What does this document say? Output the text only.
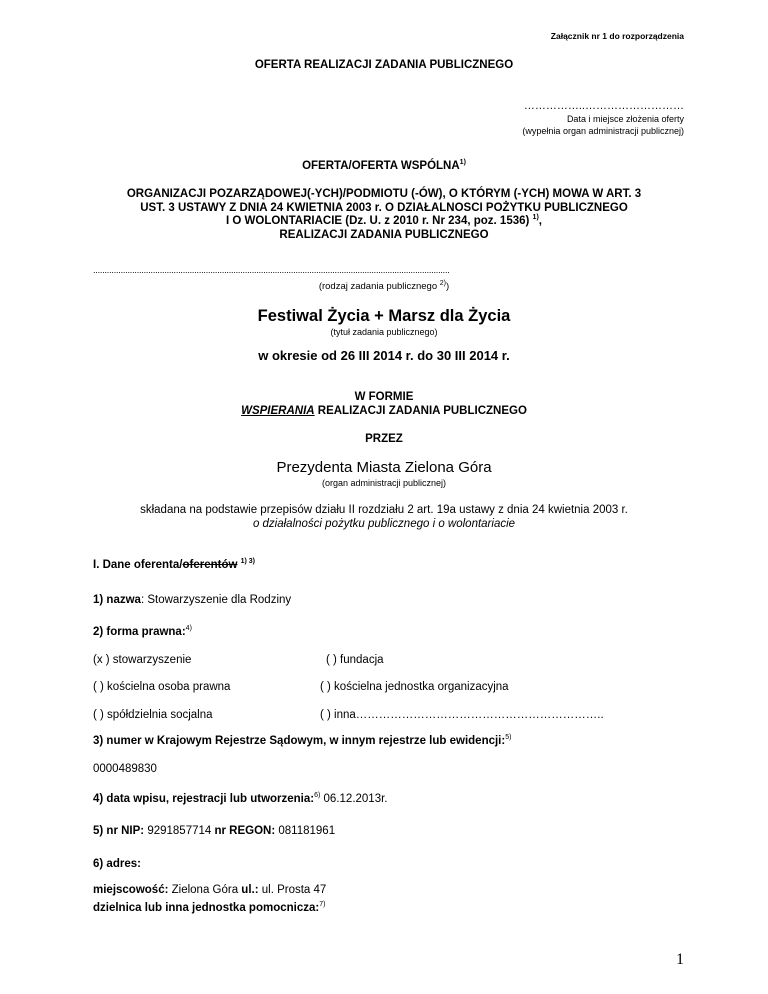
Załącznik nr 1 do rozporządzenia
OFERTA REALIZACJI ZADANIA PUBLICZNEGO
……………..………………………
Data i miejsce złożenia oferty
(wypełnia organ administracji publicznej)
OFERTA/OFERTA WSPÓLNA$^{1)}$
ORGANIZACJI POZARZĄDOWEJ(-YCH)/PODMIOTU (-ÓW), O KTÓRYM (-YCH) MOWA W ART. 3
UST. 3 USTAWY Z DNIA 24 KWIETNIA 2003 r. O DZIAŁALNOSCI POŻYTKU PUBLICZNEGO
I O WOLONTARIACIE (Dz. U. z 2010 r. Nr 234, poz. 1536) $^{1)}$,
REALIZACJI ZADANIA PUBLICZNEGO
...........................................................................................................................................................
(rodzaj zadania publicznego $^{2)}$)
Festiwal Życia + Marsz dla Życia
(tytuł zadania publicznego)
w okresie od 26 III 2014 r. do 30 III 2014 r.
W FORMIE
WSPIERANIA REALIZACJI ZADANIA PUBLICZNEGO
PRZEZ
Prezydenta Miasta Zielona Góra
(organ administracji publicznej)
składana na podstawie przepisów działu II rozdziału 2 art. 19a ustawy z dnia 24 kwietnia 2003 r.
o działalności pożytku publicznego i o wolontariacie
I. Dane oferenta/oferentów $^{1) 3)}$
1) nazwa: Stowarzyszenie dla Rodziny
2) forma prawna:$^{4)}$
(x ) stowarzyszenie	( ) fundacja
( ) kościelna osoba prawna	( ) kościelna jednostka organizacyjna
( ) spółdzielnia socjalna	( ) inna………………………………………………………..
3) numer w Krajowym Rejestrze Sądowym, w innym rejestrze lub ewidencji:$^{5)}$
0000489830
4) data wpisu, rejestracji lub utworzenia:$^{6)}$ 06.12.2013r.
5) nr NIP: 9291857714 nr REGON: 081181961
6) adres:
miejscowość: Zielona Góra ul.: ul. Prosta 47
dzielnica lub inna jednostka pomocnicza:$^{7)}$
1
